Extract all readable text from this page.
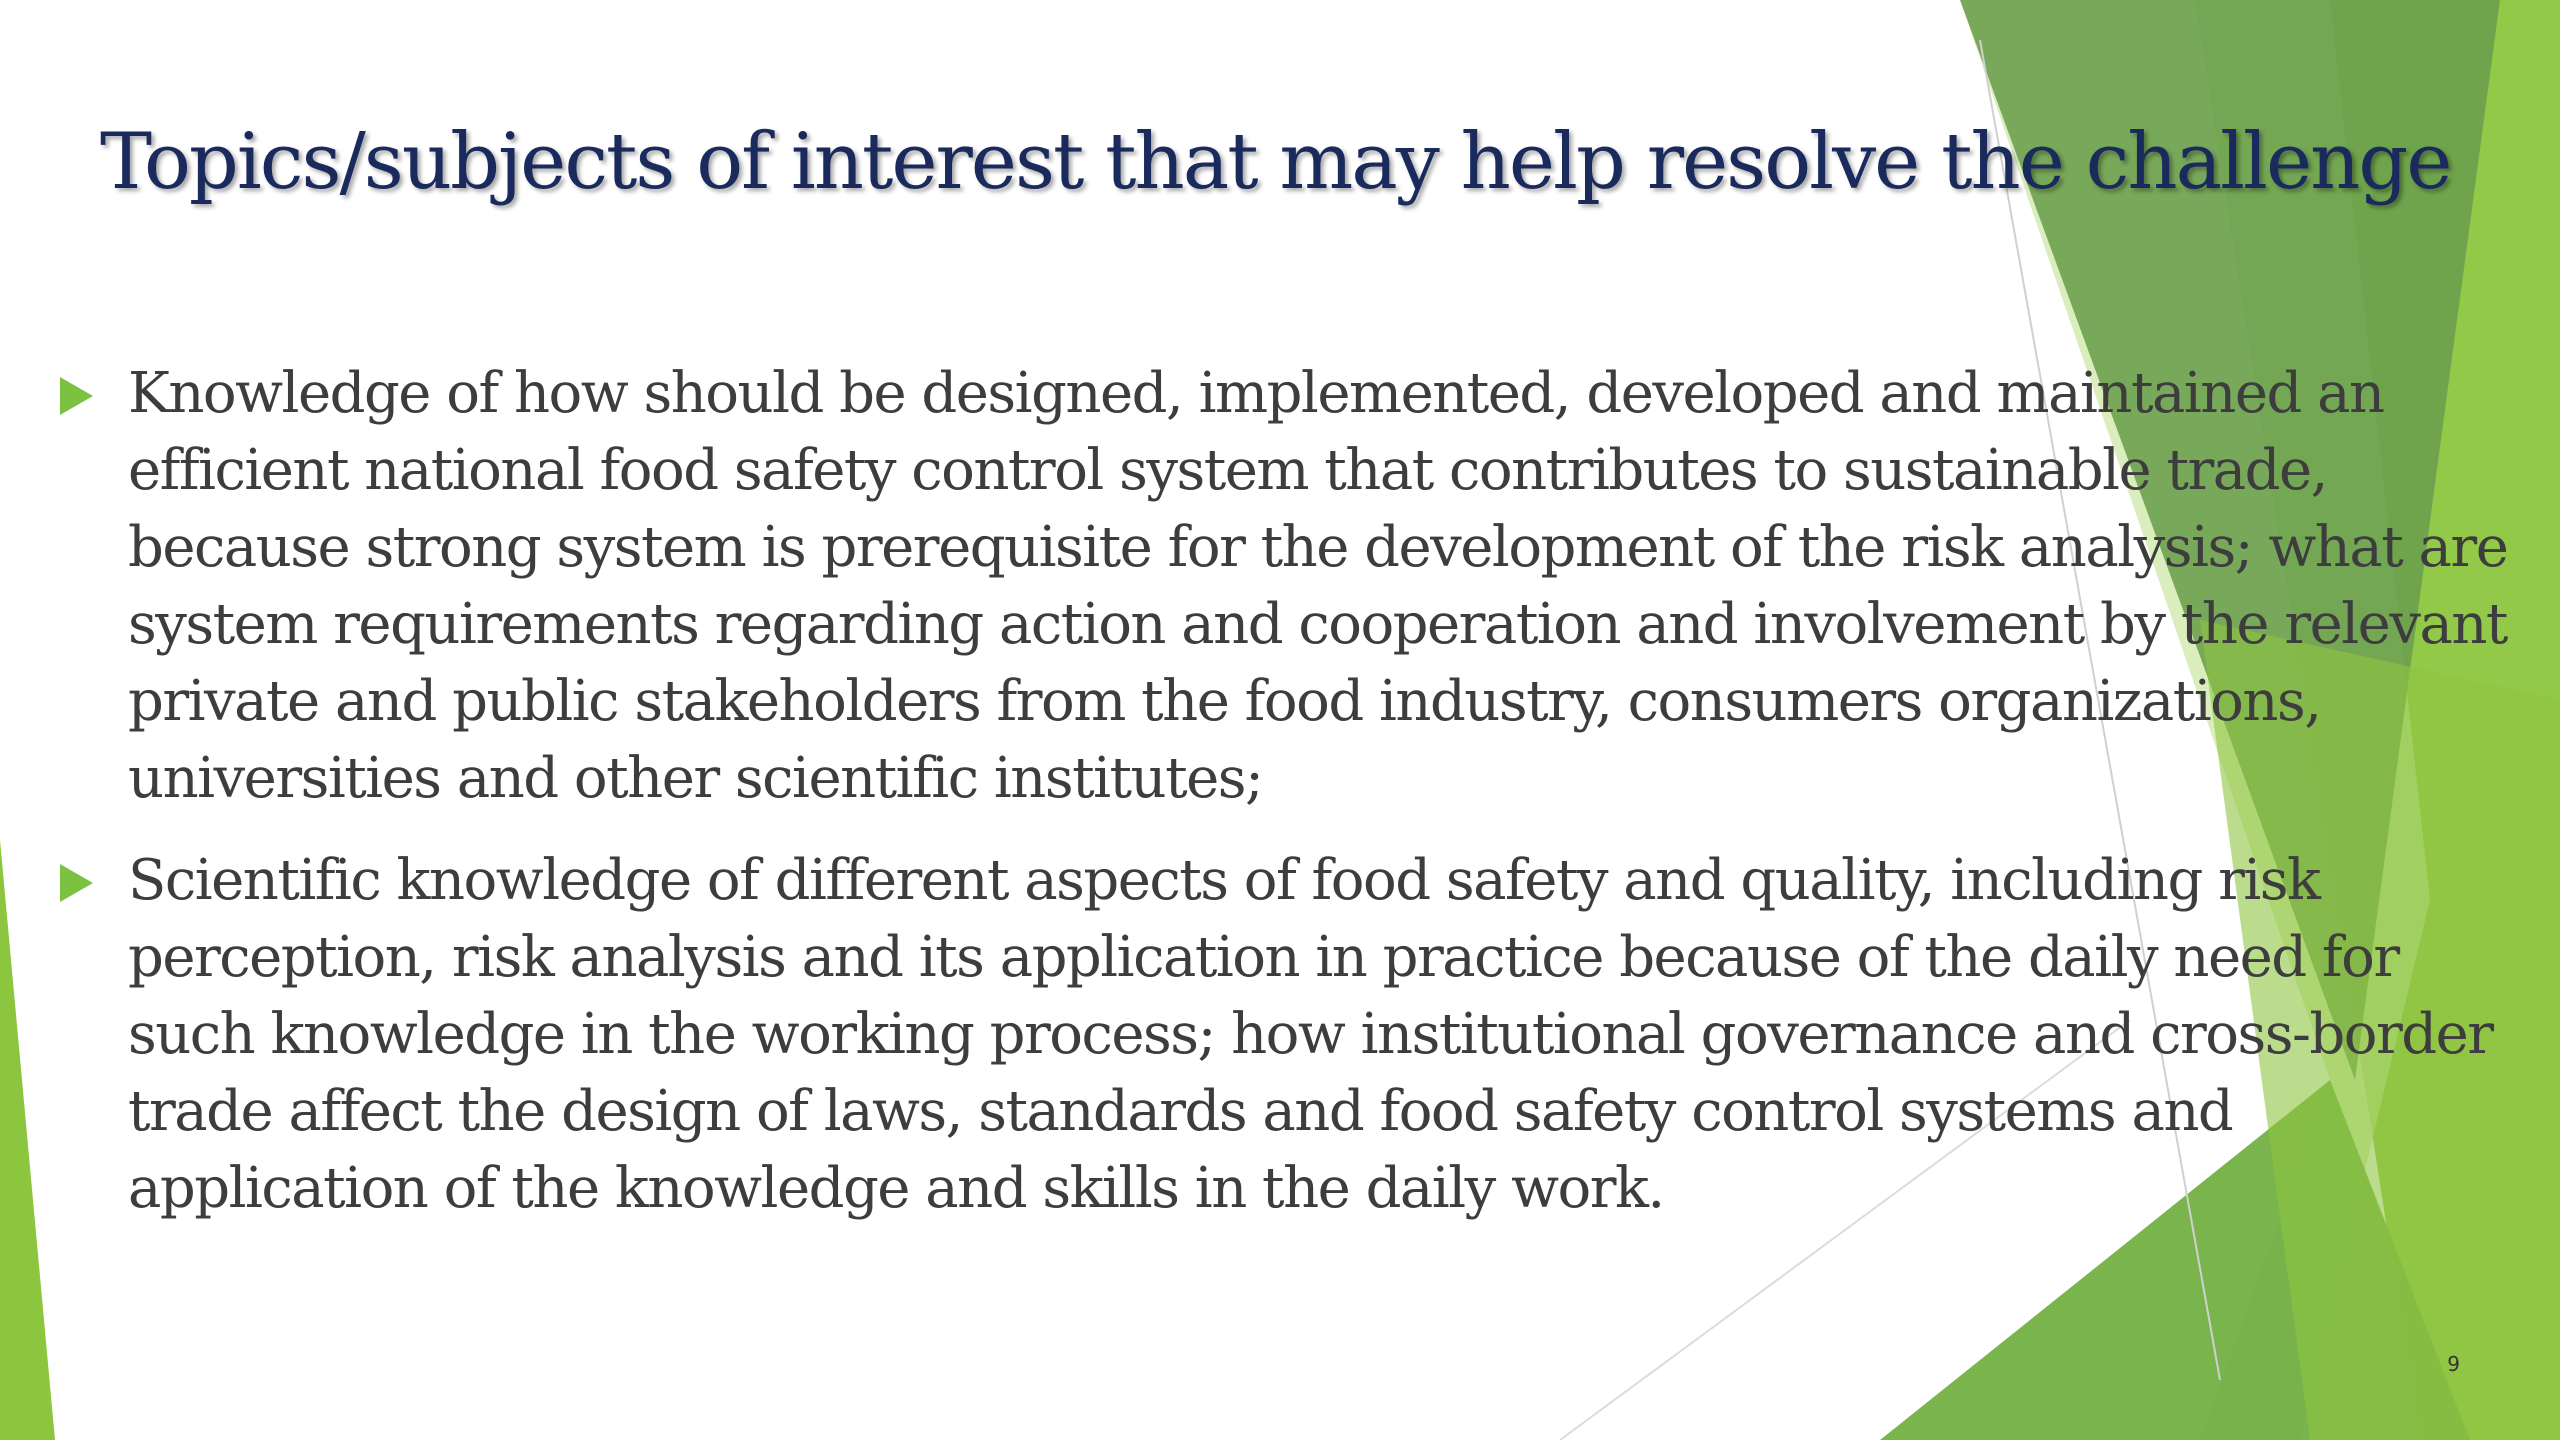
Topics/subjects of interest that may help resolve the challenge
Knowledge of how should be designed, implemented, developed and maintained an efficient national food safety control system that contributes to sustainable trade, because strong system is prerequisite for the development of the risk analysis; what are system requirements regarding action and cooperation and involvement by the relevant private and public stakeholders from the food industry, consumers organizations, universities and other scientific institutes;
Scientific knowledge of different aspects of food safety and quality, including risk perception, risk analysis and its application in practice because of the daily need for such knowledge in the working process; how institutional governance and cross-border trade affect the design of laws, standards and food safety control systems and application of the knowledge and skills in the daily work.
9
